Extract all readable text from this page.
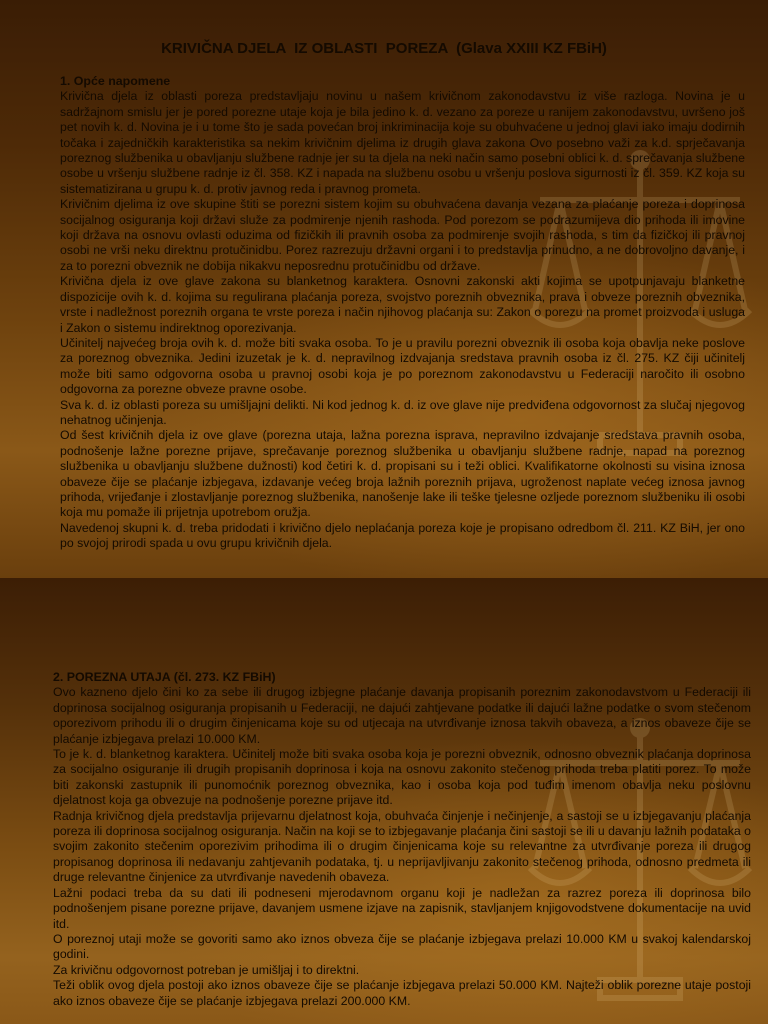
KRIVIČNA DJELA  IZ OBLASTI  POREZA  (Glava XXIII KZ FBiH)

1. Opće napomene

Krivična djela iz oblasti poreza predstavljaju novinu u našem krivičnom zakonodavstvu iz više razloga. Novina je u sadržajnom smislu jer je pored porezne utaje koja je bila jedino k. d. vezano za poreze u ranijem zakonodavstvu, uvršeno još pet novih k. d. Novina je i u tome što je sada povećan broj inkriminacija koje su obuhvaćene u jednoj glavi iako imaju dodirnih točaka i zajedničkih karakteristika sa nekim krivičnim djelima iz drugih glava zakona Ovo posebno važi za k.d. sprječavanja poreznog službenika u obavljanju službene radnje jer su ta djela na neki način samo posebni oblici k. d. sprečavanja službene osobe u vršenju službene radnje iz čl. 358. KZ i napada na službenu osobu u vršenju poslova sigurnosti iz čl. 359. KZ koja su sistematizirana u grupu k. d. protiv javnog reda i pravnog prometa.

Krivičnim djelima iz ove skupine štiti se porezni sistem kojim su obuhvaćena davanja vezana za plaćanje poreza i doprinosa socijalnog osiguranja koji državi služe za podmirenje njenih rashoda. Pod porezom se podrazumijeva dio prihoda ili imovine koji država na osnovu ovlasti oduzima od fizičkih ili pravnih osoba za podmirenje svojih rashoda, s tim da fizičkoj ili pravnoj osobi ne vrši neku direktnu protučinidbu. Porez razrezuju državni organi i to predstavlja prinudno, a ne dobrovoljno davanje, i za to porezni obveznik ne dobija nikakvu neposrednu protučinidbu od države.

Krivična djela iz ove glave zakona su blanketnog karaktera. Osnovni zakonski akti kojima se upotpunjavaju blanketne dispozicije ovih k. d. kojima su regulirana plaćanja poreza, svojstvo poreznih obveznika, prava i obveze poreznih obveznika, vrste i nadležnost poreznih organa te vrste poreza i način njihovog plaćanja su: Zakon o porezu na promet proizvoda i usluga i Zakon o sistemu indirektnog oporezivanja.

Učinitelj najvećeg broja ovih k. d. može biti svaka osoba. To je u pravilu porezni obveznik ili osoba koja obavlja neke poslove za poreznog obveznika. Jedini izuzetak je k. d. nepravilnog izdvajanja sredstava pravnih osoba iz čl. 275. KZ čiji učinitelj može biti samo odgovorna osoba u pravnoj osobi koja je po poreznom zakonodavstvu u Federaciji naročito ili osobno odgovorna za porezne obveze pravne osobe.

Sva k. d. iz oblasti poreza su umišljajni delikti. Ni kod jednog k. d. iz ove glave nije predviđena odgovornost za slučaj njegovog nehatnog učinjenja.

Od šest krivičnih djela iz ove glave (porezna utaja, lažna porezna isprava, nepravilno izdvajanje sredstava pravnih osoba, podnošenje lažne porezne prijave, sprečavanje poreznog službenika u obavljanju službene radnje, napad na poreznog službenika u obavljanju službene dužnosti) kod četiri k. d. propisani su i teži oblici. Kvalifikatorne okolnosti su visina iznosa obaveze čije se plaćanje izbjegava, izdavanje većeg broja lažnih poreznih prijava, ugroženost naplate većeg iznosa javnog prihoda, vrijeđanje i zlostavljanje poreznog službenika, nanošenje lake ili teške tjelesne ozljede poreznom službeniku ili osobi koja mu pomaže ili prijetnja upotrebom oružja.

Navedenoj skupni k. d. treba pridodati i krivično djelo neplaćanja poreza koje je propisano odredbom čl. 211. KZ BiH, jer ono po svojoj prirodi spada u ovu grupu krivičnih djela.

2. POREZNA UTAJA (čl. 273. KZ FBiH)

Ovo kazneno djelo čini ko za sebe ili drugog izbjegne plaćanje davanja propisanih poreznim zakonodavstvom u Federaciji ili doprinosa socijalnog osiguranja propisanih u Federaciji, ne dajući zahtjevane podatke ili dajući lažne podatke o svom stečenom oporezivom prihodu ili o drugim činjenicama koje su od utjecaja na utvrđivanje iznosa takvih obaveza, a iznos obaveze čije se plaćanje izbjegava prelazi 10.000 KM.

To je k. d. blanketnog karaktera. Učinitelj može biti svaka osoba koja je porezni obveznik, odnosno obveznik plaćanja doprinosa za socijalno osiguranje ili drugih propisanih doprinosa i koja na osnovu zakonito stečenog prihoda treba platiti porez. To može biti zakonski zastupnik ili punomoćnik poreznog obveznika, kao i osoba koja pod tuđim imenom obavlja neku poslovnu djelatnost koja ga obvezuje na podnošenje porezne prijave itd.

Radnja krivičnog djela predstavlja prijevarnu djelatnost koja, obuhvaća činjenje i nečinjenje, a sastoji se u izbjegavanju plaćanja poreza ili doprinosa socijalnog osiguranja. Način na koji se to izbjegavanje plaćanja čini sastoji se ili u davanju lažnih podataka o svojim zakonito stečenim oporezivim prihodima ili o drugim činjenicama koje su relevantne za utvrđivanje poreza ili drugog propisanog doprinosa ili nedavanju zahtjevanih podataka, tj. u neprijavljivanju zakonito stečenog prihoda, odnosno predmeta ili druge relevantne činjenice za utvrđivanje navedenih obaveza.

Lažni podaci treba da su dati ili podneseni mjerodavnom organu koji je nadležan za razrez poreza ili doprinosa bilo podnošenjem pisane porezne prijave, davanjem usmene izjave na zapisnik, stavljanjem knjigovodstvene dokumentacije na uvid itd.

O poreznoj utaji može se govoriti samo ako iznos obveza čije se plaćanje izbjegava prelazi 10.000 KM u svakoj kalendarskoj godini.

Za krivičnu odgovornost potreban je umišljaj i to direktni.

Teži oblik ovog djela postoji ako iznos obaveze čije se plaćanje izbjegava prelazi 50.000 KM. Najteži oblik porezne utaje postoji ako iznos obaveze čije se plaćanje izbjegava prelazi 200.000 KM.
